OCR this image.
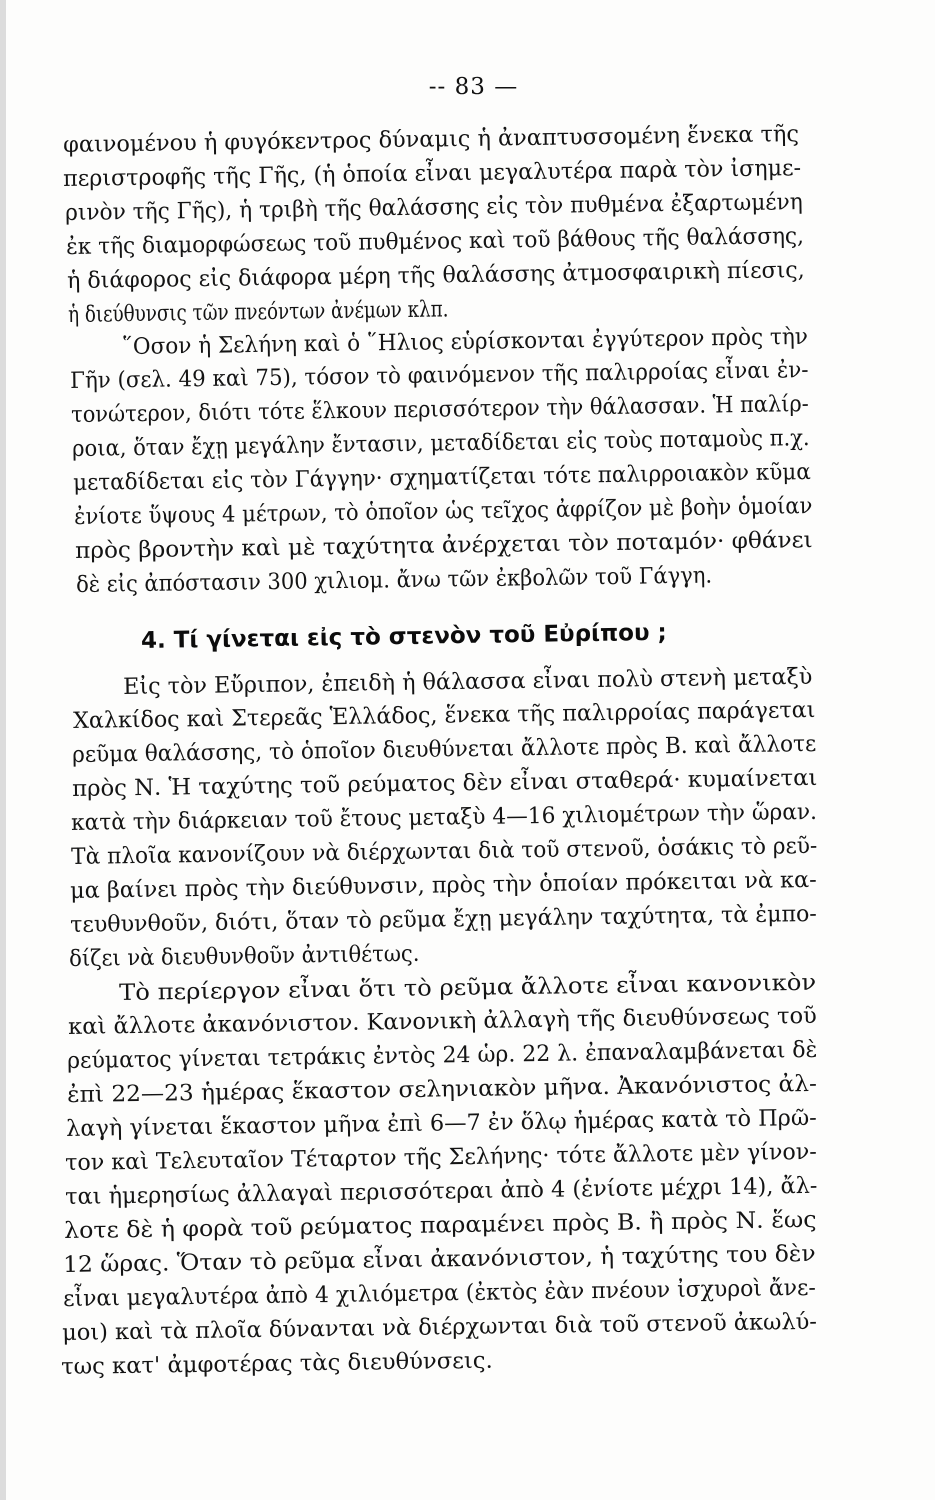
-- 83 —
φαινομένου ἡ φυγόκεντρος δύναμις ἡ ἀναπτυσσομένη ἕνεκα τῆς
περιστροφῆς τῆς Γῆς, (ἡ ὁποία εἶναι μεγαλυτέρα παρὰ τὸν ἰσημε-
ρινὸν τῆς Γῆς), ἡ τριβὴ τῆς θαλάσσης εἰς τὸν πυθμένα ἐξαρτωμένη
ἐκ τῆς διαμορφώσεως τοῦ πυθμένος καὶ τοῦ βάθους τῆς θαλάσσης,
ἡ διάφορος εἰς διάφορα μέρη τῆς θαλάσσης ἀτμοσφαιρικὴ πίεσις,
ἡ διεύθυνσις τῶν πνεόντων ἀνέμων κλπ.
῞Οσον ἡ Σελήνη καὶ ὁ ῞Ηλιος εὑρίσκονται ἐγγύτερον πρὸς τὴν
Γῆν (σελ. 49 καὶ 75), τόσον τὸ φαινόμενον τῆς παλιρροίας εἶναι ἐν-
τονώτερον, διότι τότε ἕλκουν περισσότερον τὴν θάλασσαν. Ἡ παλίρ-
ροια, ὅταν ἔχῃ μεγάλην ἔντασιν, μεταδίδεται εἰς τοὺς ποταμοὺς π.χ.
μεταδίδεται εἰς τὸν Γάγγην· σχηματίζεται τότε παλιρροιακὸν κῦμα
ἐνίοτε ὕψους 4 μέτρων, τὸ ὁποῖον ὡς τεῖχος ἀφρίζον μὲ βοὴν ὁμοίαν
πρὸς βροντὴν καὶ μὲ ταχύτητα ἀνέρχεται τὸν ποταμόν· φθάνει
δὲ εἰς ἀπόστασιν 300 χιλιομ. ἄνω τῶν ἐκβολῶν τοῦ Γάγγη.
4. Τί γίνεται εἰς τὸ στενὸν τοῦ Εὐρίπου ;
Εἰς τὸν Εὔριπον, ἐπειδὴ ἡ θάλασσα εἶναι πολὺ στενὴ μεταξὺ
Χαλκίδος καὶ Στερεᾶς Ἑλλάδος, ἕνεκα τῆς παλιρροίας παράγεται
ρεῦμα θαλάσσης, τὸ ὁποῖον διευθύνεται ἄλλοτε πρὸς Β. καὶ ἄλλοτε
πρὸς Ν. Ἡ ταχύτης τοῦ ρεύματος δὲν εἶναι σταθερά· κυμαίνεται
κατὰ τὴν διάρκειαν τοῦ ἔτους μεταξὺ 4—16 χιλιομέτρων τὴν ὥραν.
Τὰ πλοῖα κανονίζουν νὰ διέρχωνται διὰ τοῦ στενοῦ, ὁσάκις τὸ ρεῦ-
μα βαίνει πρὸς τὴν διεύθυνσιν, πρὸς τὴν ὁποίαν πρόκειται νὰ κα-
τευθυνθοῦν, διότι, ὅταν τὸ ρεῦμα ἔχῃ μεγάλην ταχύτητα, τὰ ἐμπο-
δίζει νὰ διευθυνθοῦν ἀντιθέτως.
Τὸ περίεργον εἶναι ὅτι τὸ ρεῦμα ἄλλοτε εἶναι κανονικὸν
καὶ ἄλλοτε ἀκανόνιστον. Κανονικὴ ἀλλαγὴ τῆς διευθύνσεως τοῦ
ρεύματος γίνεται τετράκις ἐντὸς 24 ὡρ. 22 λ. ἐπαναλαμβάνεται δὲ
ἐπὶ 22—23 ἡμέρας ἕκαστον σεληνιακὸν μῆνα. Ἀκανόνιστος ἀλ-
λαγὴ γίνεται ἕκαστον μῆνα ἐπὶ 6—7 ἐν ὅλῳ ἡμέρας κατὰ τὸ Πρῶ-
τον καὶ Τελευταῖον Τέταρτον τῆς Σελήνης· τότε ἄλλοτε μὲν γίνον-
ται ἡμερησίως ἀλλαγαὶ περισσότεραι ἀπὸ 4 (ἐνίοτε μέχρι 14), ἄλ-
λοτε δὲ ἡ φορὰ τοῦ ρεύματος παραμένει πρὸς Β. ἢ πρὸς Ν. ἕως
12 ὥρας. Ὅταν τὸ ρεῦμα εἶναι ἀκανόνιστον, ἡ ταχύτης του δὲν
εἶναι μεγαλυτέρα ἀπὸ 4 χιλιόμετρα (ἐκτὸς ἐὰν πνέουν ἰσχυροὶ ἄνε-
μοι) καὶ τὰ πλοῖα δύνανται νὰ διέρχωνται διὰ τοῦ στενοῦ ἀκωλύ-
τως κατ' ἀμφοτέρας τὰς διευθύνσεις.
